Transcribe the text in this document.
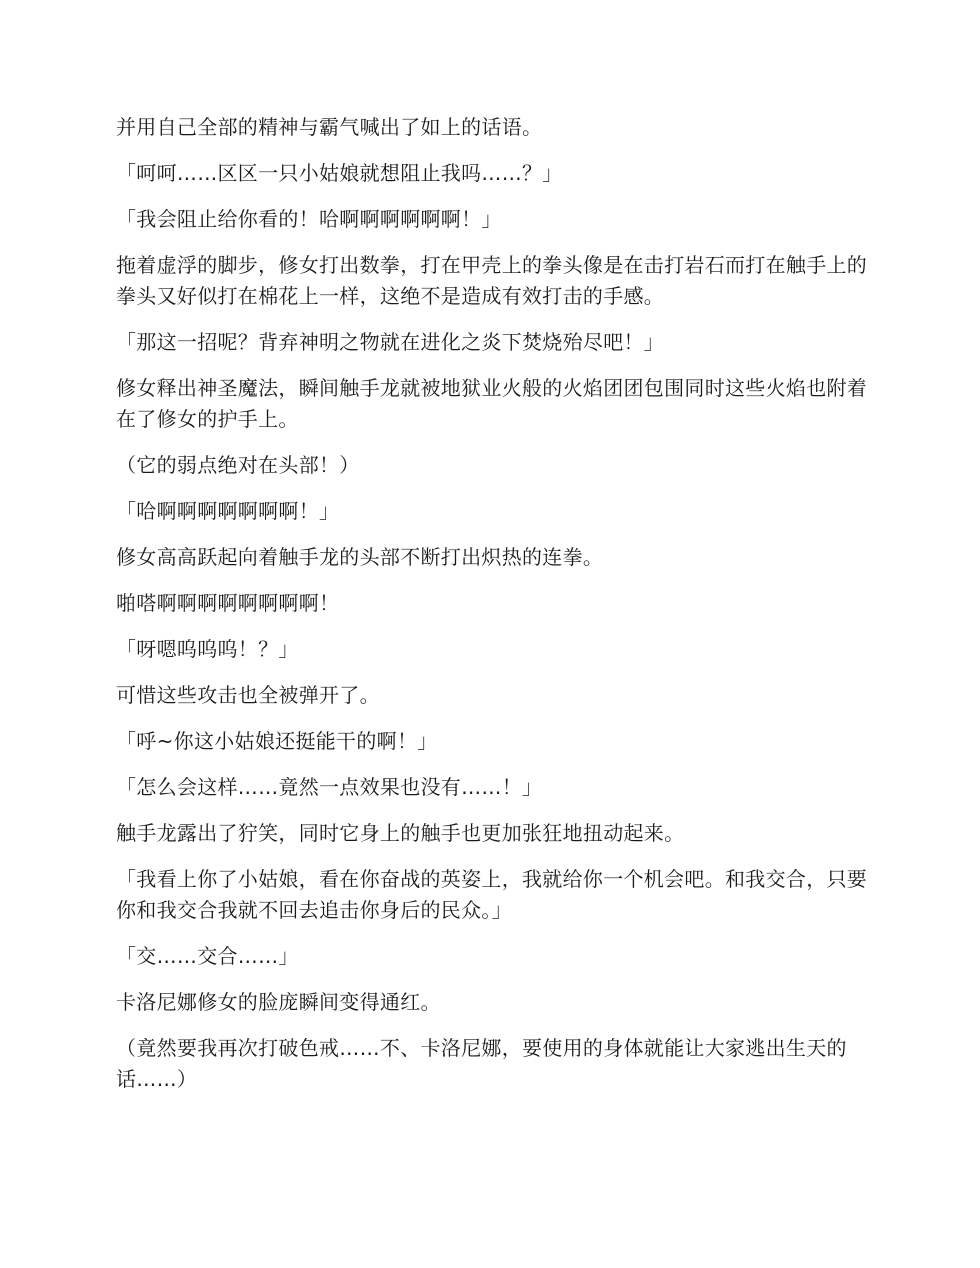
并用自己全部的精神与霸气喊出了如上的话语。

「呵呵……区区一只小姑娘就想阻止我吗……？」

「我会阻止给你看的！哈啊啊啊啊啊啊！」

拖着虚浮的脚步，修女打出数拳，打在甲壳上的拳头像是在击打岩石而打在触手上的拳头又好似打在棉花上一样，这绝不是造成有效打击的手感。

「那这一招呢？背弃神明之物就在进化之炎下焚烧殆尽吧！」

修女释出神圣魔法，瞬间触手龙就被地狱业火般的火焰团团包围同时这些火焰也附着在了修女的护手上。

（它的弱点绝对在头部！）

「哈啊啊啊啊啊啊啊！」

修女高高跃起向着触手龙的头部不断打出炽热的连拳。

啪嗒啊啊啊啊啊啊啊啊！

「呀嗯呜呜呜！？」

可惜这些攻击也全被弹开了。

「呼~你这小姑娘还挺能干的啊！」

「怎么会这样……竟然一点效果也没有……！」

触手龙露出了狞笑，同时它身上的触手也更加张狂地扭动起来。

「我看上你了小姑娘，看在你奋战的英姿上，我就给你一个机会吧。和我交合，只要你和我交合我就不回去追击你身后的民众。」

「交……交合……」

卡洛尼娜修女的脸庞瞬间变得通红。

（竟然要我再次打破色戒……不、卡洛尼娜，要使用的身体就能让大家逃出生天的话……）
